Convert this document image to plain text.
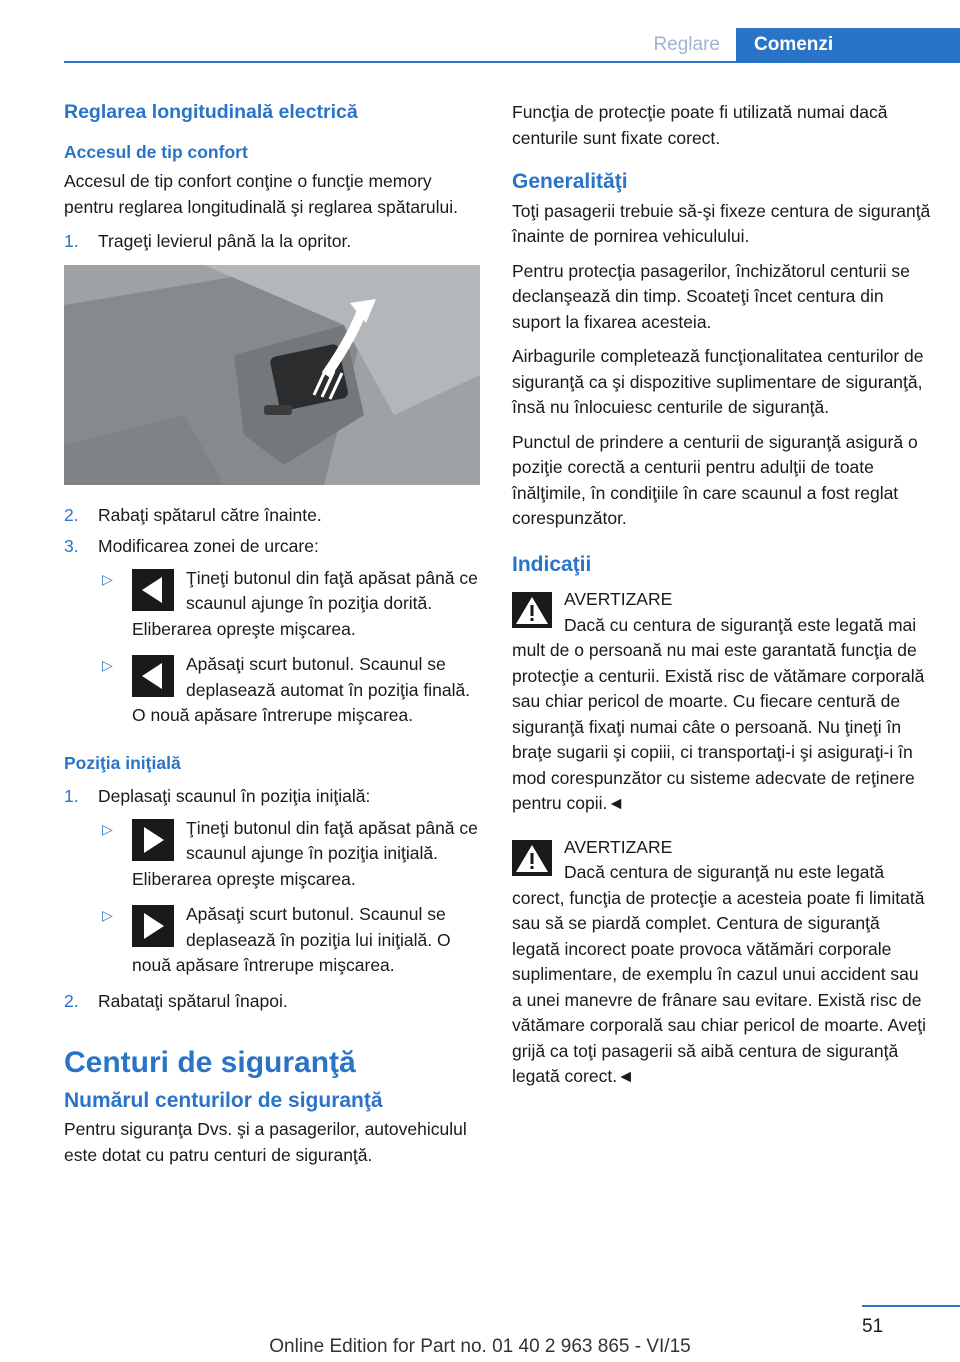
Reglare	Comenzi

Reglarea longitudinală electrică

Accesul de tip confort

Accesul de tip confort conţine o funcţie memory pentru reglarea longitudinală şi reglarea spătarului.

1. Trageţi levierul până la la opritor.
2. Rabaţi spătarul către înainte.
3. Modificarea zonei de urcare:
▷	Ţineţi butonul din faţă apăsat până ce scaunul ajunge în poziţia dorită. Eliberarea opreşte mişcarea.
▷	Apăsaţi scurt butonul. Scaunul se deplasează automat în poziţia finală. O nouă apăsare întrerupe mişcarea.

Poziţia iniţială

1. Deplasaţi scaunul în poziţia iniţială:
▷	Ţineţi butonul din faţă apăsat până ce scaunul ajunge în poziţia iniţială. Eliberarea opreşte mişcarea.
▷	Apăsaţi scurt butonul. Scaunul se deplasează în poziţia lui iniţială. O nouă apăsare întrerupe mişcarea.
2. Rabataţi spătarul înapoi.

Centuri de siguranţă

Numărul centurilor de siguranţă

Pentru siguranţa Dvs. şi a pasagerilor, autovehiculul este dotat cu patru centuri de siguranţă.

Funcţia de protecţie poate fi utilizată numai dacă centurile sunt fixate corect.

Generalităţi

Toţi pasagerii trebuie să-şi fixeze centura de siguranţă înainte de pornirea vehiculului.

Pentru protecţia pasagerilor, închizătorul centurii se declanşează din timp. Scoateţi încet centura din suport la fixarea acesteia.

Airbagurile completează funcţionalitatea centurilor de siguranţă ca şi dispozitive suplimentare de siguranţă, însă nu înlocuiesc centurile de siguranţă.

Punctul de prindere a centurii de siguranţă asigură o poziţie corectă a centurii pentru adulţii de toate înălţimile, în condiţiile în care scaunul a fost reglat corespunzător.

Indicaţii

AVERTIZARE

Dacă cu centura de siguranţă este legată mai mult de o persoană nu mai este garantată funcţia de protecţie a centurii. Există risc de vătămare corporală sau chiar pericol de moarte. Cu fiecare centură de siguranţă fixaţi numai câte o persoană. Nu ţineţi în braţe sugarii şi copiii, ci transportaţi-i şi asiguraţi-i în mod corespunzător cu sisteme adecvate de reţinere pentru copii.◄

AVERTIZARE

Dacă centura de siguranţă nu este legată corect, funcţia de protecţie a acesteia poate fi limitată sau să se piardă complet. Centura de siguranţă legată incorect poate provoca vătămări corporale suplimentare, de exemplu în cazul unui accident sau a unei manevre de frânare sau evitare. Există risc de vătămare corporală sau chiar pericol de moarte. Aveţi grijă ca toţi pasagerii să aibă centura de siguranţă legată corect.◄

51
Online Edition for Part no. 01 40 2 963 865 - VI/15
